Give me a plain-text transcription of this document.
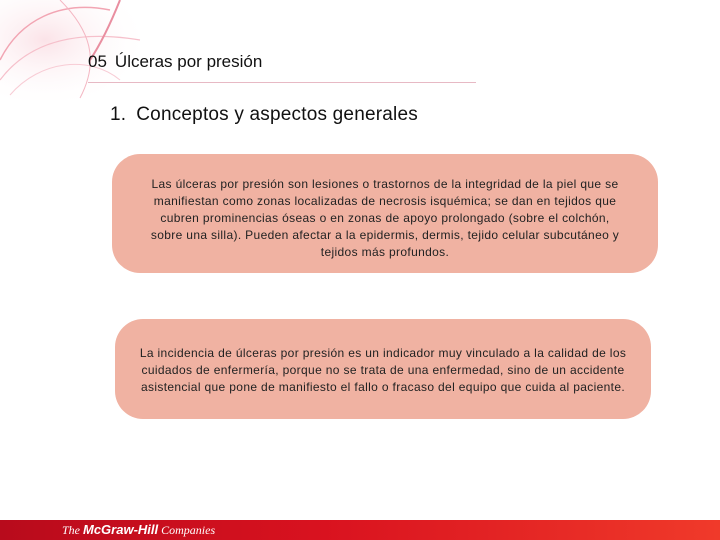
05 Úlceras por presión
1. Conceptos y aspectos generales
Las úlceras por presión son lesiones o trastornos de la integridad de la piel que se manifiestan como zonas localizadas de necrosis isquémica; se dan en tejidos que cubren prominencias óseas o en zonas de apoyo prolongado (sobre el colchón, sobre una silla). Pueden afectar a la epidermis, dermis, tejido celular subcutáneo y tejidos más profundos.
La incidencia de úlceras por presión es un indicador muy vinculado a la calidad de los cuidados de enfermería, porque no se trata de una enfermedad, sino de un accidente asistencial que pone de manifiesto el fallo o fracaso del equipo que cuida al paciente.
The McGraw-Hill Companies
